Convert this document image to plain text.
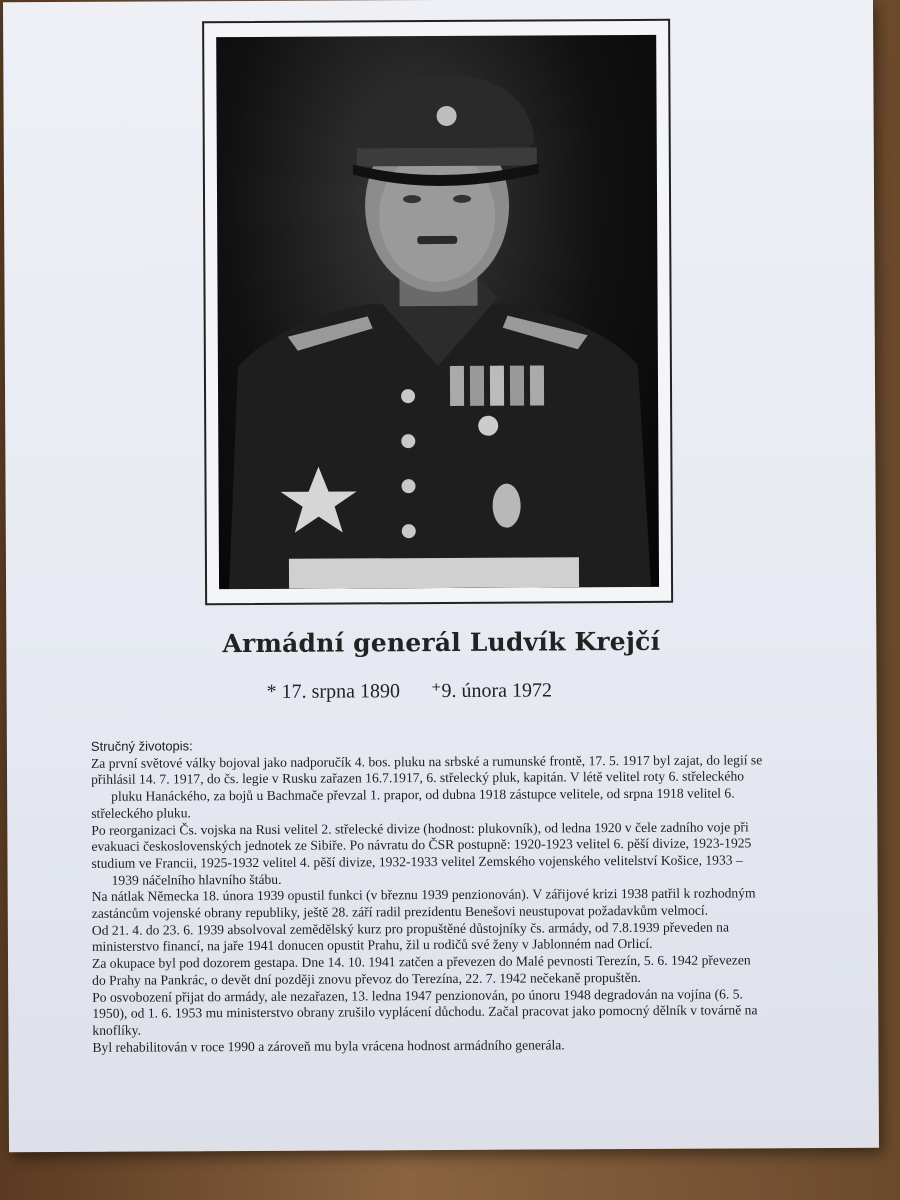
Armádní generál Ludvík Krejčí
* 17. srpna 1890 ⁺9. února 1972

Stručný životopis:

Za první světové války bojoval jako nadporučík 4. bos. pluku na srbské a rumunské frontě, 17. 5. 1917 byl zajat, do legií se

přihlásil 14. 7. 1917, do čs. legie v Rusku zařazen 16.7.1917, 6. střelecký pluk, kapitán. V létě velitel roty 6. střeleckého

pluku Hanáckého, za bojů u Bachmače převzal 1. prapor, od dubna 1918 zástupce velitele, od srpna 1918 velitel 6.

střeleckého pluku.

Po reorganizaci Čs. vojska na Rusi velitel 2. střelecké divize (hodnost: plukovník), od ledna 1920 v čele zadního voje při

evakuaci československých jednotek ze Sibiře. Po návratu do ČSR postupně: 1920-1923 velitel 6. pěší divize, 1923-1925

studium ve Francii, 1925-1932 velitel 4. pěší divize, 1932-1933 velitel Zemského vojenského velitelství Košice, 1933 –

1939 náčelního hlavního štábu.

Na nátlak Německa 18. února 1939 opustil funkci (v březnu 1939 penzionován). V zářijové krizi 1938 patřil k rozhodným

zastáncům vojenské obrany republiky, ještě 28. září radil prezidentu Benešovi neustupovat požadavkům velmocí.

Od 21. 4. do 23. 6. 1939 absolvoval zemědělský kurz pro propuštěné důstojníky čs. armády, od 7.8.1939 převeden na

ministerstvo financí, na jaře 1941 donucen opustit Prahu, žil u rodičů své ženy v Jablonném nad Orlicí.

Za okupace byl pod dozorem gestapa. Dne 14. 10. 1941 zatčen a převezen do Malé pevnosti Terezín, 5. 6. 1942 převezen

do Prahy na Pankrác, o devět dní později znovu převoz do Terezína, 22. 7. 1942 nečekaně propuštěn.

Po osvobození přijat do armády, ale nezařazen, 13. ledna 1947 penzionován, po únoru 1948 degradován na vojína (6. 5.

1950), od 1. 6. 1953 mu ministerstvo obrany zrušilo vyplácení důchodu. Začal pracovat jako pomocný dělník v továrně na

knoflíky.

Byl rehabilitován v roce 1990 a zároveň mu byla vrácena hodnost armádního generála.
